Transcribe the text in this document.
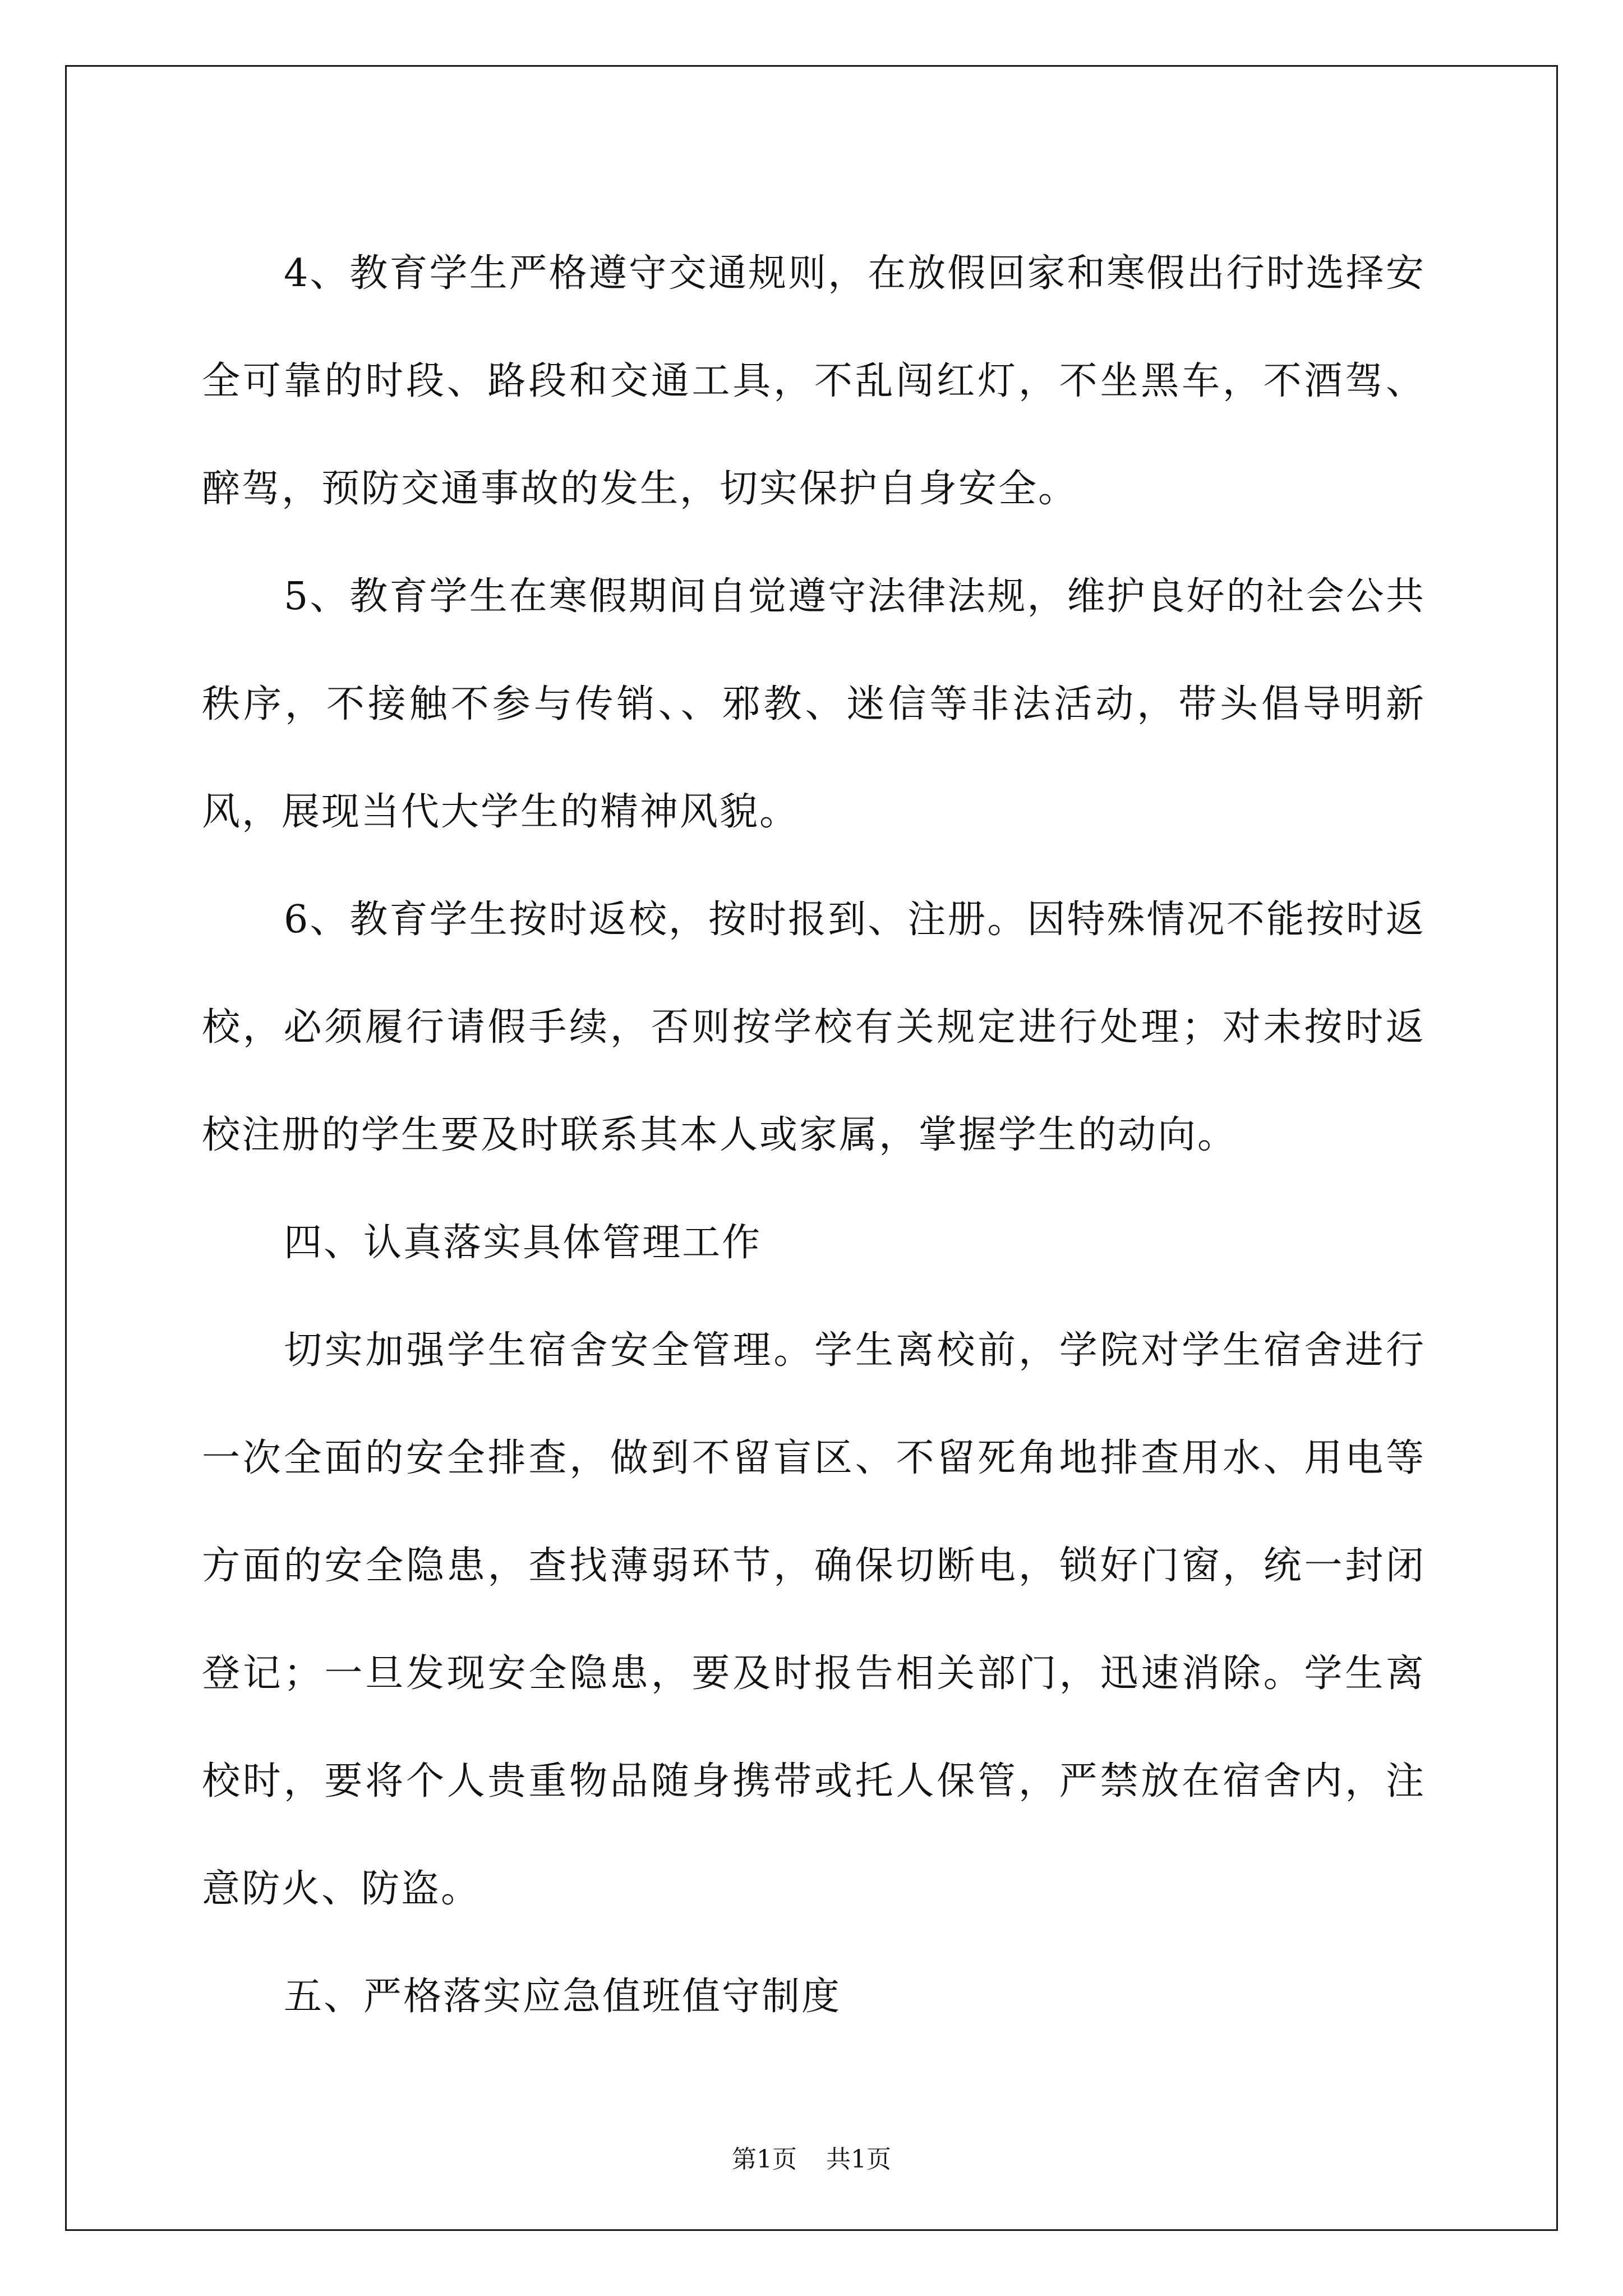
4、教育学生严格遵守交通规则，在放假回家和寒假出行时选择安全可靠的时段、路段和交通工具，不乱闯红灯，不坐黑车，不酒驾、醉驾，预防交通事故的发生，切实保护自身安全。

5、教育学生在寒假期间自觉遵守法律法规，维护良好的社会公共秩序，不接触不参与传销、、邪教、迷信等非法活动，带头倡导明新风，展现当代大学生的精神风貌。

6、教育学生按时返校，按时报到、注册。因特殊情况不能按时返校，必须履行请假手续，否则按学校有关规定进行处理；对未按时返校注册的学生要及时联系其本人或家属，掌握学生的动向。

四、认真落实具体管理工作

切实加强学生宿舍安全管理。学生离校前，学院对学生宿舍进行一次全面的安全排查，做到不留盲区、不留死角地排查用水、用电等方面的安全隐患，查找薄弱环节，确保切断电，锁好门窗，统一封闭登记；一旦发现安全隐患，要及时报告相关部门，迅速消除。学生离校时，要将个人贵重物品随身携带或托人保管，严禁放在宿舍内，注意防火、防盗。

五、严格落实应急值班值守制度

第1页 共1页
